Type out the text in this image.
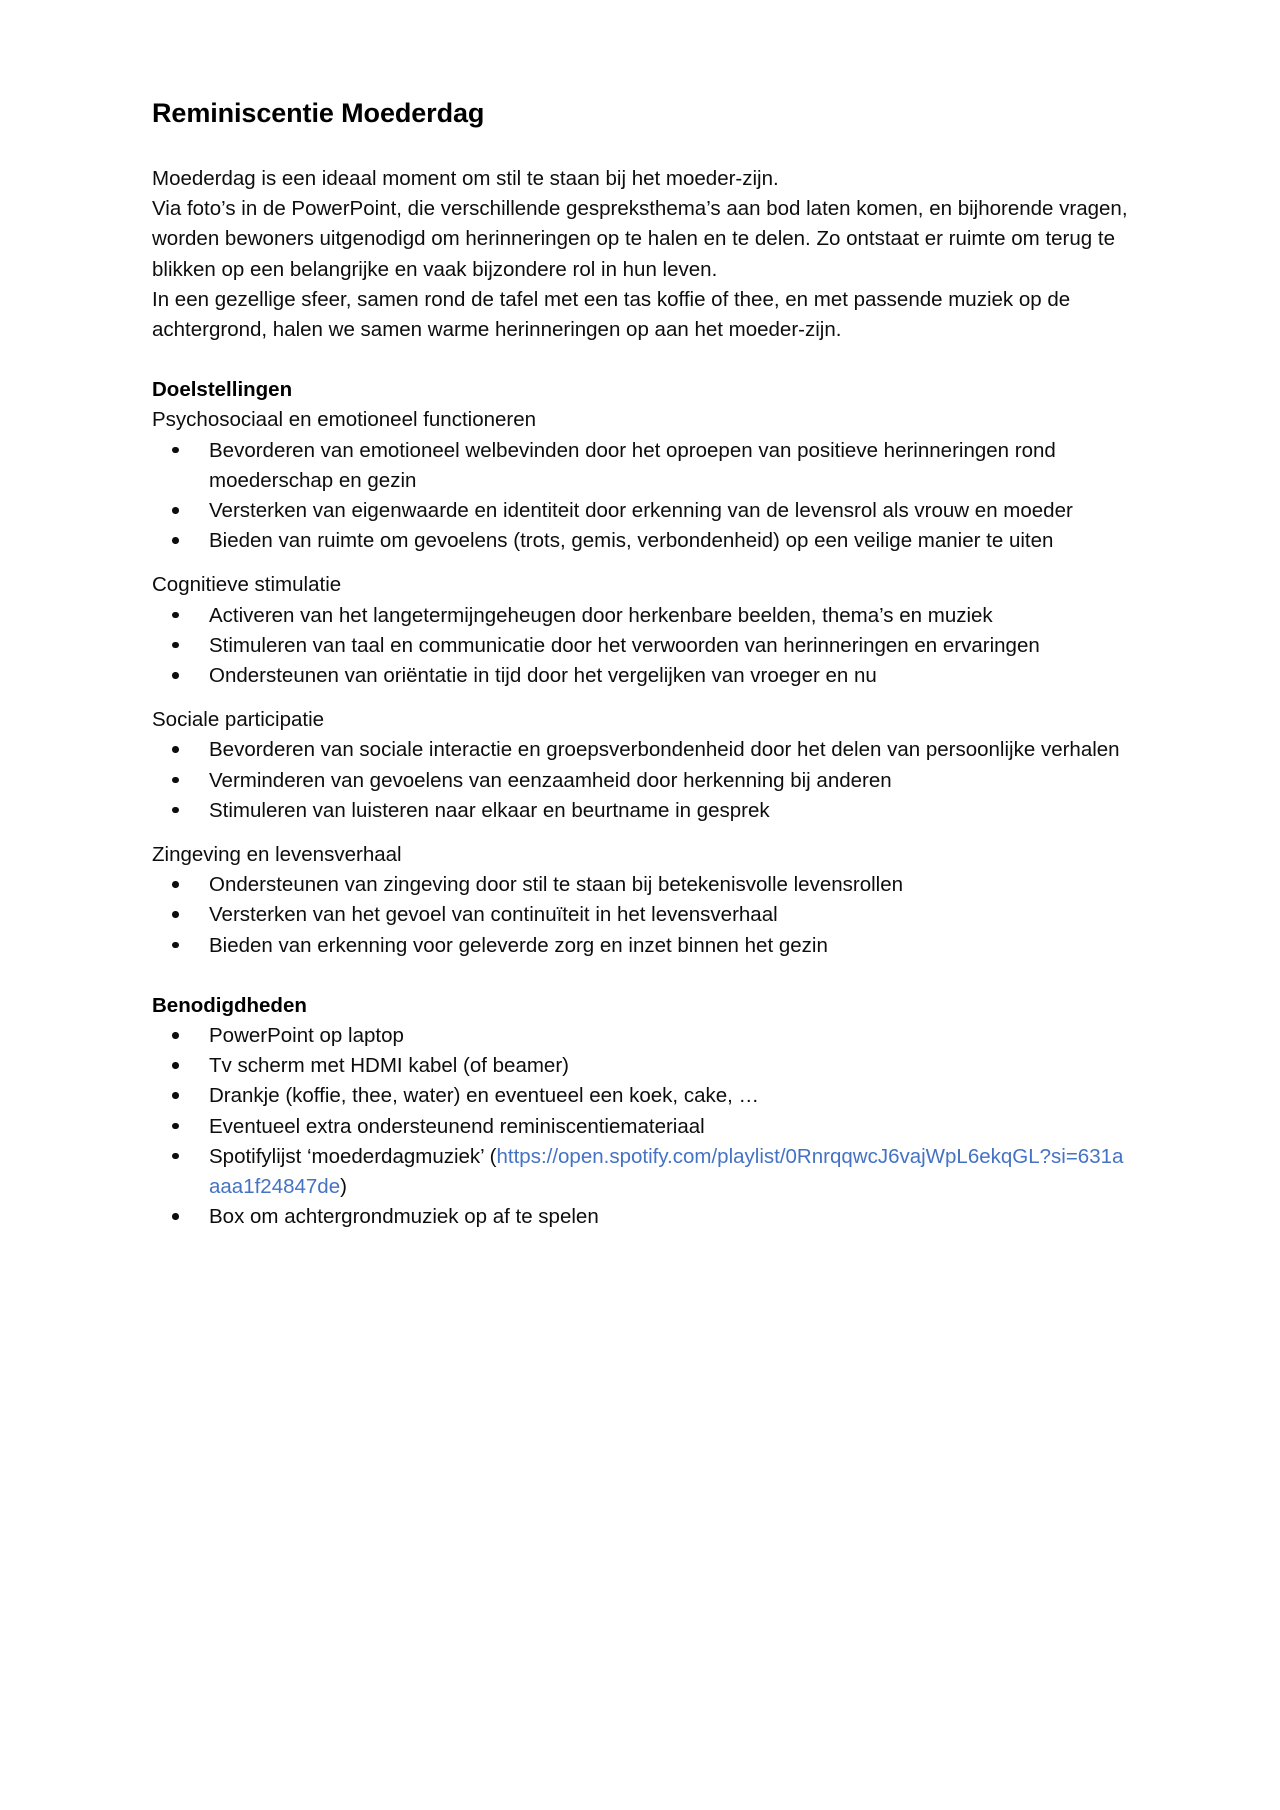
Reminiscentie Moederdag

Moederdag is een ideaal moment om stil te staan bij het moeder-zijn.
Via foto’s in de PowerPoint, die verschillende gespreksthema’s aan bod laten komen, en bijhorende vragen, worden bewoners uitgenodigd om herinneringen op te halen en te delen. Zo ontstaat er ruimte om terug te blikken op een belangrijke en vaak bijzondere rol in hun leven.
In een gezellige sfeer, samen rond de tafel met een tas koffie of thee, en met passende muziek op de achtergrond, halen we samen warme herinneringen op aan het moeder-zijn.

Doelstellingen

Psychosociaal en emotioneel functioneren

Bevorderen van emotioneel welbevinden door het oproepen van positieve herinneringen rond moederschap en gezin
Versterken van eigenwaarde en identiteit door erkenning van de levensrol als vrouw en moeder
Bieden van ruimte om gevoelens (trots, gemis, verbondenheid) op een veilige manier te uiten

Cognitieve stimulatie

Activeren van het langetermijngeheugen door herkenbare beelden, thema’s en muziek
Stimuleren van taal en communicatie door het verwoorden van herinneringen en ervaringen
Ondersteunen van oriëntatie in tijd door het vergelijken van vroeger en nu

Sociale participatie

Bevorderen van sociale interactie en groepsverbondenheid door het delen van persoonlijke verhalen
Verminderen van gevoelens van eenzaamheid door herkenning bij anderen
Stimuleren van luisteren naar elkaar en beurtname in gesprek

Zingeving en levensverhaal

Ondersteunen van zingeving door stil te staan bij betekenisvolle levensrollen
Versterken van het gevoel van continuïteit in het levensverhaal
Bieden van erkenning voor geleverde zorg en inzet binnen het gezin
Benodigdheden
PowerPoint op laptop
Tv scherm met HDMI kabel (of beamer)
Drankje (koffie, thee, water) en eventueel een koek, cake, …
Eventueel extra ondersteunend reminiscentiemateriaal
Spotifylijst ‘moederdagmuziek’ (https://open.spotify.com/playlist/0RnrqqwcJ6vajWpL6ekqGL?si=631aaaa1f24847de)
Box om achtergrondmuziek op af te spelen
